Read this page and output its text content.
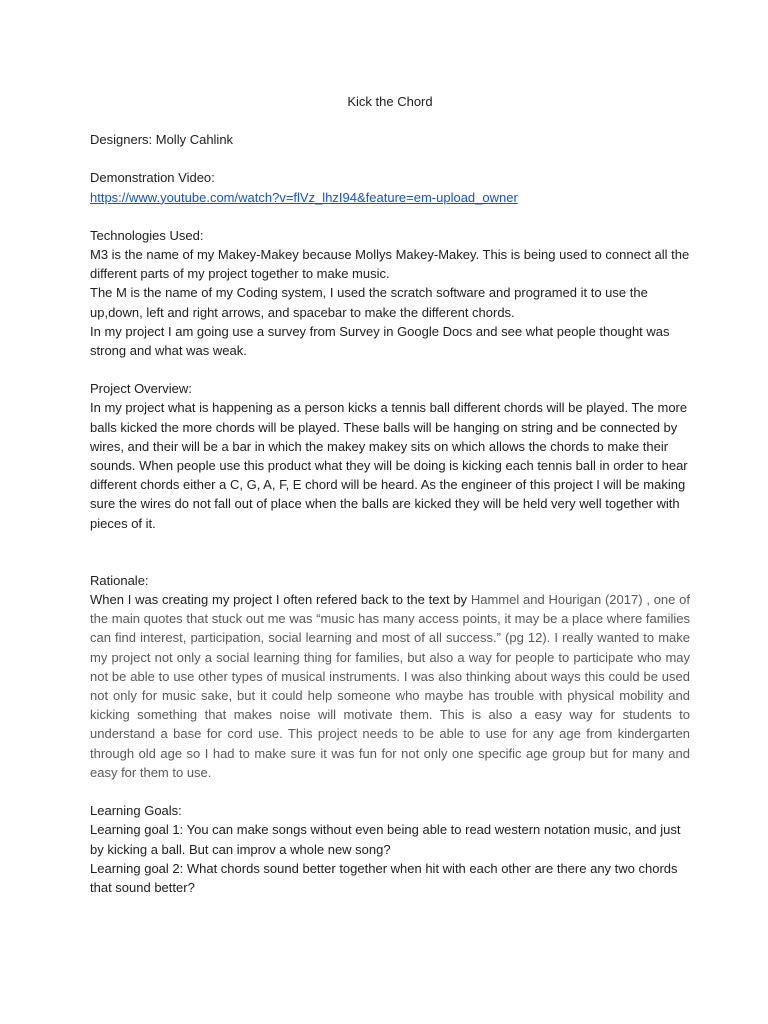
Kick the Chord

Designers: Molly Cahlink

Demonstration Video:

https://www.youtube.com/watch?v=flVz_lhzI94&feature=em-upload_owner

Technologies Used:

M3 is the name of my Makey-Makey because Mollys Makey-Makey. This is being used to connect all the different parts of my project together to make music.

The M is the name of my Coding system, I used the scratch software and programed it to use the up,down, left and right arrows, and spacebar to make the different chords.

In my project I am going use a survey from Survey in Google Docs and see what people thought was strong and what was weak.

Project Overview:

In my project what is happening as a person kicks a tennis ball different chords will be played. The more balls kicked the more chords will be played. These balls will be hanging on string and be connected by wires, and their will be a bar in which the makey makey sits on which allows the chords to make their sounds. When people use this product what they will be doing is kicking each tennis ball in order to hear different chords either a C, G, A, F, E chord will be heard. As the engineer of this project I will be making sure the wires do not fall out of place when the balls are kicked they will be held very well together with pieces of it.

Rationale:

When I was creating my project I often refered back to the text by Hammel and Hourigan (2017) , one of the main quotes that stuck out me was “music has many access points, it may be a place where families can find interest, participation, social learning and most of all success.” (pg 12). I really wanted to make my project not only a social learning thing for families, but also a way for people to participate who may not be able to use other types of musical instruments. I was also thinking about ways this could be used not only for music sake, but it could help someone who maybe has trouble with physical mobility and kicking something that makes noise will motivate them. This is also a easy way for students to understand a base for cord use. This project needs to be able to use for any age from kindergarten through old age so I had to make sure it was fun for not only one specific age group but for many and easy for them to use.

Learning Goals:

Learning goal 1: You can make songs without even being able to read western notation music, and just by kicking a ball. But can improv a whole new song?

Learning goal 2: What chords sound better together when hit with each other are there any two chords that sound better?
